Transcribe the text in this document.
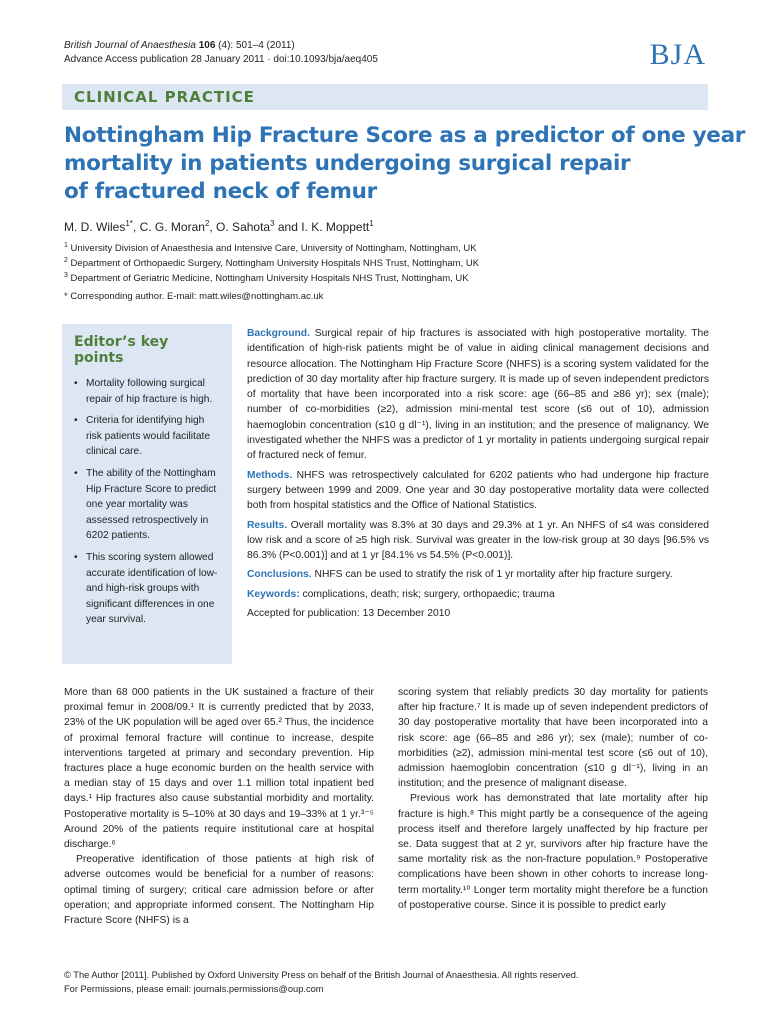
British Journal of Anaesthesia 106 (4): 501–4 (2011)
Advance Access publication 28 January 2011 · doi:10.1093/bja/aeq405	BJA
CLINICAL PRACTICE
Nottingham Hip Fracture Score as a predictor of one year
mortality in patients undergoing surgical repair
of fractured neck of femur
M. D. Wiles$^{1*}$, C. G. Moran$^2$, O. Sahota$^3$ and I. K. Moppett$^1$
$^1$ University Division of Anaesthesia and Intensive Care, University of Nottingham, Nottingham, UK
$^2$ Department of Orthopaedic Surgery, Nottingham University Hospitals NHS Trust, Nottingham, UK
$^3$ Department of Geriatric Medicine, Nottingham University Hospitals NHS Trust, Nottingham, UK
* Corresponding author. E-mail: matt.wiles@nottingham.ac.uk
Editor’s key points
• Mortality following surgical repair of hip fracture is high.
• Criteria for identifying high risk patients would facilitate clinical care.
• The ability of the Nottingham Hip Fracture Score to predict one year mortality was assessed retrospectively in 6202 patients.
• This scoring system allowed accurate identification of low- and high-risk groups with significant differences in one year survival.

Background. Surgical repair of hip fractures is associated with high postoperative mortality. The identification of high-risk patients might be of value in aiding clinical management decisions and resource allocation. The Nottingham Hip Fracture Score (NHFS) is a scoring system validated for the prediction of 30 day mortality after hip fracture surgery. It is made up of seven independent predictors of mortality that have been incorporated into a risk score: age (66–85 and ≥86 yr); sex (male); number of co-morbidities (≥2), admission mini-mental test score (≤6 out of 10), admission haemoglobin concentration (≤10 g dl⁻¹), living in an institution; and the presence of malignancy. We investigated whether the NHFS was a predictor of 1 yr mortality in patients undergoing surgical repair of fractured neck of femur.

Methods. NHFS was retrospectively calculated for 6202 patients who had undergone hip fracture surgery between 1999 and 2009. One year and 30 day postoperative mortality data were collected both from hospital statistics and the Office of National Statistics.

Results. Overall mortality was 8.3% at 30 days and 29.3% at 1 yr. An NHFS of ≤4 was considered low risk and a score of ≥5 high risk. Survival was greater in the low-risk group at 30 days [96.5% vs 86.3% (P<0.001)] and at 1 yr [84.1% vs 54.5% (P<0.001)].

Conclusions. NHFS can be used to stratify the risk of 1 yr mortality after hip fracture surgery.

Keywords: complications, death; risk; surgery, orthopaedic; trauma

Accepted for publication: 13 December 2010

More than 68 000 patients in the UK sustained a fracture of their proximal femur in 2008/09.¹ It is currently predicted that by 2033, 23% of the UK population will be aged over 65.² Thus, the incidence of proximal femoral fracture will continue to increase, despite interventions targeted at primary and secondary prevention. Hip fractures place a huge economic burden on the health service with a median stay of 15 days and over 1.1 million total inpatient bed days.¹ Hip fractures also cause substantial morbidity and mortality. Postoperative mortality is 5–10% at 30 days and 19–33% at 1 yr.³⁻⁵ Around 20% of the patients require institutional care at hospital discharge.⁶

Preoperative identification of those patients at high risk of adverse outcomes would be beneficial for a number of reasons: optimal timing of surgery; critical care admission before or after operation; and appropriate informed consent. The Nottingham Hip Fracture Score (NHFS) is a

scoring system that reliably predicts 30 day mortality for patients after hip fracture.⁷ It is made up of seven independent predictors of 30 day postoperative mortality that have been incorporated into a risk score: age (66–85 and ≥86 yr); sex (male); number of co-morbidities (≥2), admission mini-mental test score (≤6 out of 10), admission haemoglobin concentration (≤10 g dl⁻¹), living in an institution; and the presence of malignant disease.

Previous work has demonstrated that late mortality after hip fracture is high.⁸ This might partly be a consequence of the ageing process itself and therefore largely unaffected by hip fracture per se. Data suggest that at 2 yr, survivors after hip fracture have the same mortality risk as the non-fracture population.⁹ Postoperative complications have been shown in other cohorts to increase long-term mortality.¹⁰ Longer term mortality might therefore be a function of postoperative course. Since it is possible to predict early

© The Author [2011]. Published by Oxford University Press on behalf of the British Journal of Anaesthesia. All rights reserved.
For Permissions, please email: journals.permissions@oup.com
